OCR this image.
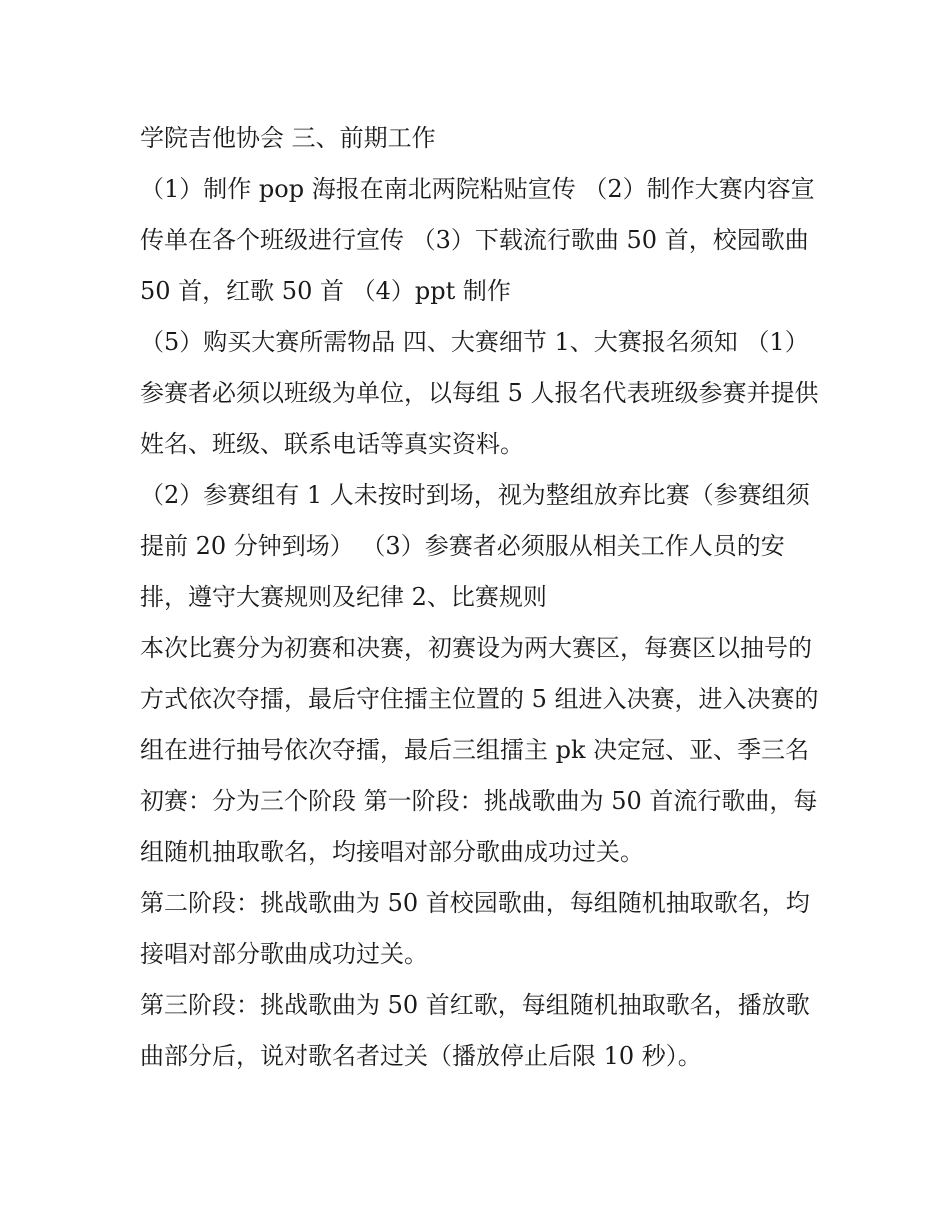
学院吉他协会 三、前期工作

（1）制作 pop 海报在南北两院粘贴宣传 （2）制作大赛内容宣传单在各个班级进行宣传 （3）下载流行歌曲 50 首，校园歌曲 50 首，红歌 50 首 （4）ppt 制作

（5）购买大赛所需物品 四、大赛细节 1、大赛报名须知 （1）参赛者必须以班级为单位，以每组 5 人报名代表班级参赛并提供姓名、班级、联系电话等真实资料。

（2）参赛组有 1 人未按时到场，视为整组放弃比赛（参赛组须提前 20 分钟到场） （3）参赛者必须服从相关工作人员的安排，遵守大赛规则及纪律 2、比赛规则

本次比赛分为初赛和决赛，初赛设为两大赛区，每赛区以抽号的方式依次夺擂，最后守住擂主位置的 5 组进入决赛，进入决赛的组在进行抽号依次夺擂，最后三组擂主 pk 决定冠、亚、季三名

初赛：分为三个阶段 第一阶段：挑战歌曲为 50 首流行歌曲，每组随机抽取歌名，均接唱对部分歌曲成功过关。

第二阶段：挑战歌曲为 50 首校园歌曲，每组随机抽取歌名，均接唱对部分歌曲成功过关。

第三阶段：挑战歌曲为 50 首红歌，每组随机抽取歌名，播放歌曲部分后，说对歌名者过关（播放停止后限 10 秒）。
